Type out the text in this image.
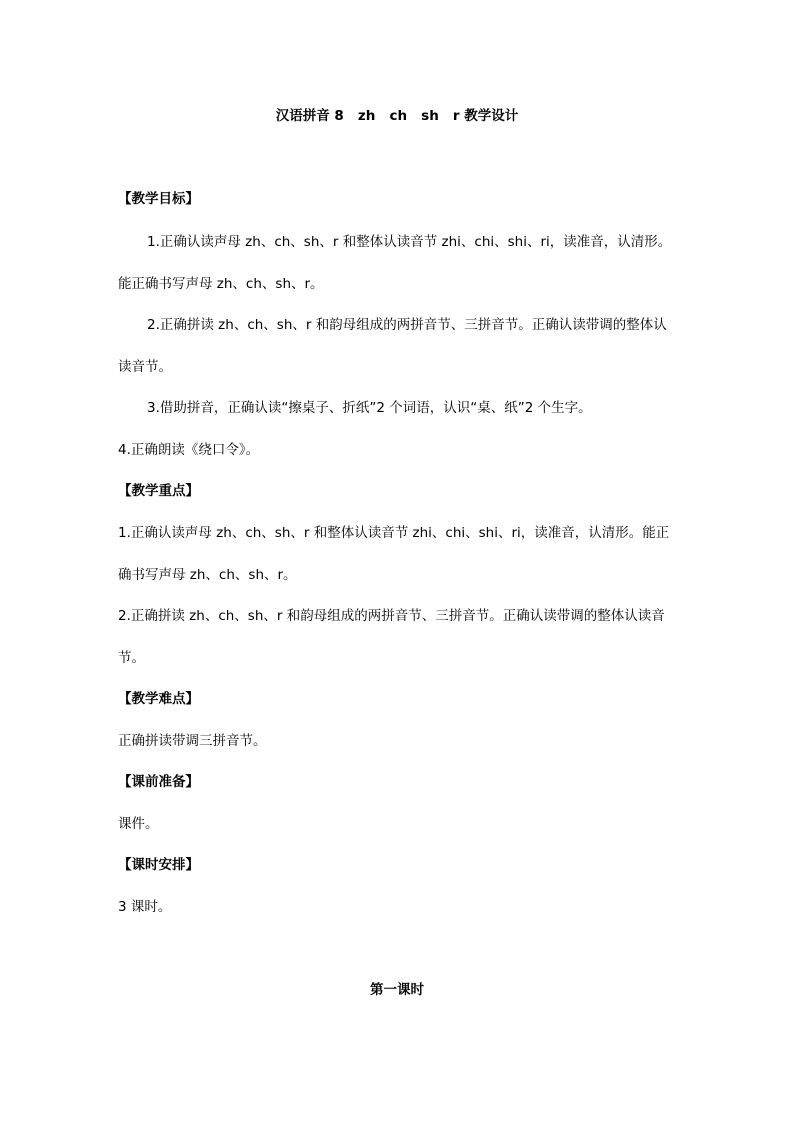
汉语拼音 8   zh   ch   sh   r 教学设计
【教学目标】
1.正确认读声母 zh、ch、sh、r 和整体认读音节 zhi、chi、shi、ri，读准音，认清形。
能正确书写声母 zh、ch、sh、r。
2.正确拼读 zh、ch、sh、r 和韵母组成的两拼音节、三拼音节。正确认读带调的整体认
读音节。
3.借助拼音，正确认读“擦桌子、折纸”2 个词语，认识“桌、纸”2 个生字。
4.正确朗读《绕口令》。
【教学重点】
1.正确认读声母 zh、ch、sh、r 和整体认读音节 zhi、chi、shi、ri，读准音，认清形。能正
确书写声母 zh、ch、sh、r。
2.正确拼读 zh、ch、sh、r 和韵母组成的两拼音节、三拼音节。正确认读带调的整体认读音
节。
【教学难点】
正确拼读带调三拼音节。
【课前准备】
课件。
【课时安排】
3 课时。
第一课时
